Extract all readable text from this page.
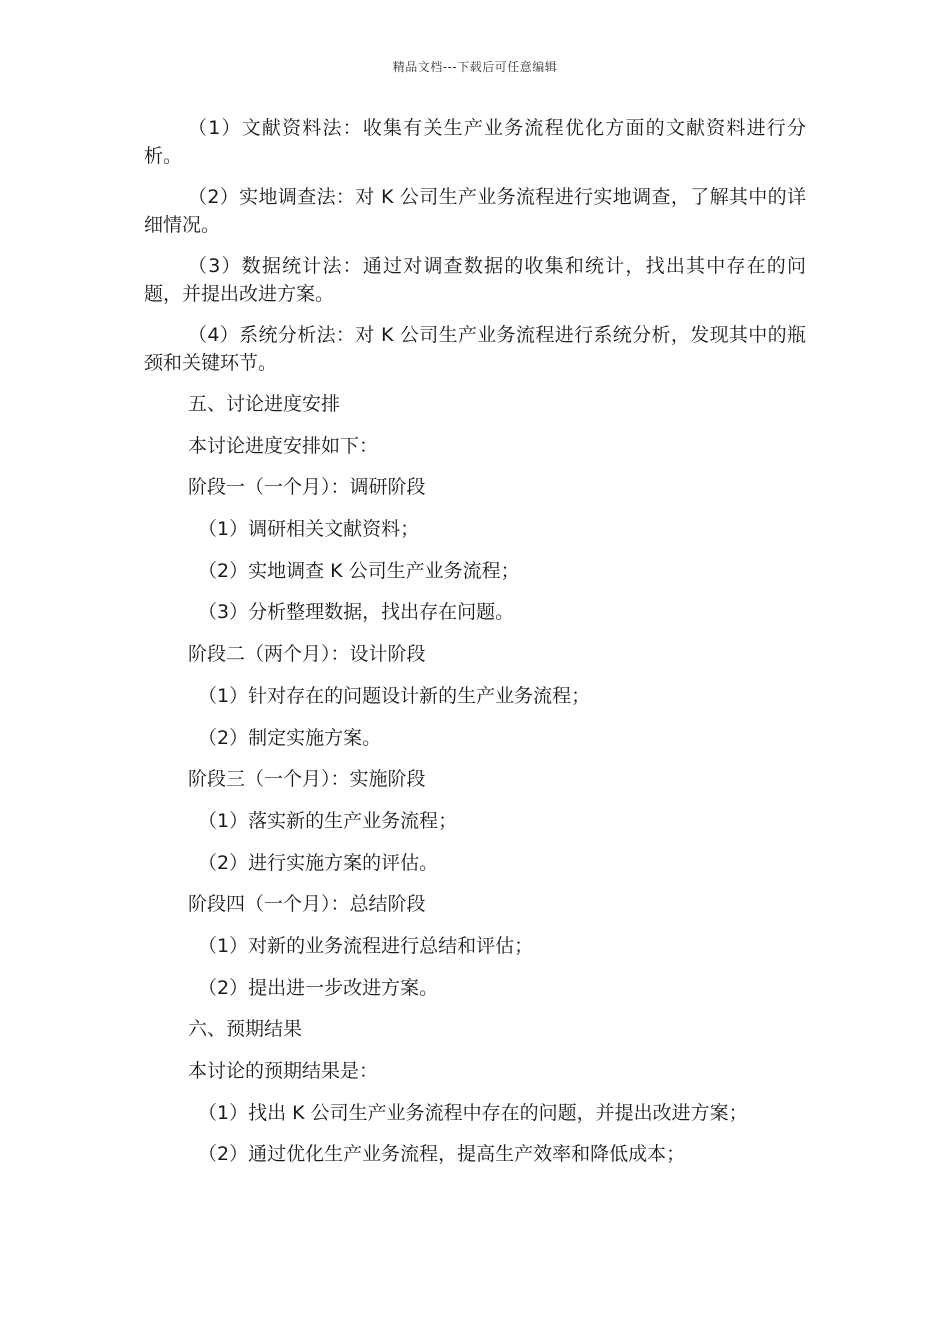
精品文档---下载后可任意编辑

（1）文献资料法：收集有关生产业务流程优化方面的文献资料进行分析。

（2）实地调查法：对 K 公司生产业务流程进行实地调查，了解其中的详细情况。

（3）数据统计法：通过对调查数据的收集和统计，找出其中存在的问题，并提出改进方案。

（4）系统分析法：对 K 公司生产业务流程进行系统分析，发现其中的瓶颈和关键环节。

五、讨论进度安排
本讨论进度安排如下：
阶段一（一个月）：调研阶段
（1）调研相关文献资料；
（2）实地调查 K 公司生产业务流程；
（3）分析整理数据，找出存在问题。
阶段二（两个月）：设计阶段
（1）针对存在的问题设计新的生产业务流程；
（2）制定实施方案。
阶段三（一个月）：实施阶段
（1）落实新的生产业务流程；
（2）进行实施方案的评估。
阶段四（一个月）：总结阶段
（1）对新的业务流程进行总结和评估；
（2）提出进一步改进方案。
六、预期结果
本讨论的预期结果是：
（1）找出 K 公司生产业务流程中存在的问题，并提出改进方案；
（2）通过优化生产业务流程，提高生产效率和降低成本；
